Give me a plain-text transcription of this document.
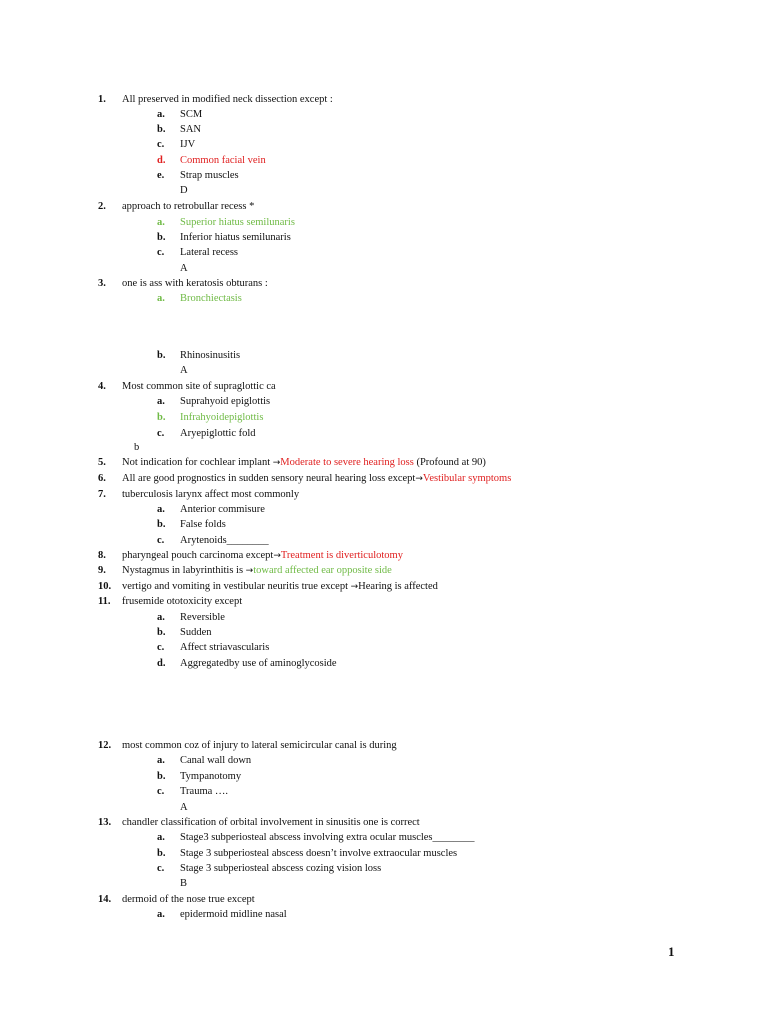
1. All preserved in modified neck dissection except :
a. SCM
b. SAN
c. IJV
d. Common facial vein
e. Strap muscles
D
2. approach to retrobullar recess *
a. Superior hiatus semilunaris
b. Inferior hiatus semilunaris
c. Lateral recess
A
3. one is ass with keratosis obturans :
a. Bronchiectasis
b. Rhinosinusitis
A
4. Most common site of supraglottic ca
a. Suprahyoid epiglottis
b. Infrahyoidepiglottis
c. Aryepiglottic fold
b
5. Not indication for cochlear implant →Moderate to severe hearing loss (Profound at 90)
6. All are good prognostics in sudden sensory neural hearing loss except→Vestibular symptoms
7. tuberculosis larynx affect most commonly
a. Anterior commisure
b. False folds
c. Arytenoids________
8. pharyngeal pouch carcinoma except→Treatment is diverticulotomy
9. Nystagmus in labyrinthitis is →toward affected ear opposite side
10. vertigo and vomiting in vestibular neuritis true except →Hearing is affected
11. frusemide ototoxicity except
a. Reversible
b. Sudden
c. Affect striavascularis
d. Aggregatedby use of aminoglycoside
12. most common coz of injury to lateral semicircular canal is during
a. Canal wall down
b. Tympanotomy
c. Trauma ….
A
13. chandler classification of orbital involvement in sinusitis one is correct
a. Stage3 subperiosteal abscess involving extra ocular muscles________
b. Stage 3 subperiosteal abscess doesn’t involve extraocular muscles
c. Stage 3 subperiosteal abscess cozing vision loss
B
14. dermoid of the nose true except
a. epidermoid midline nasal
1
